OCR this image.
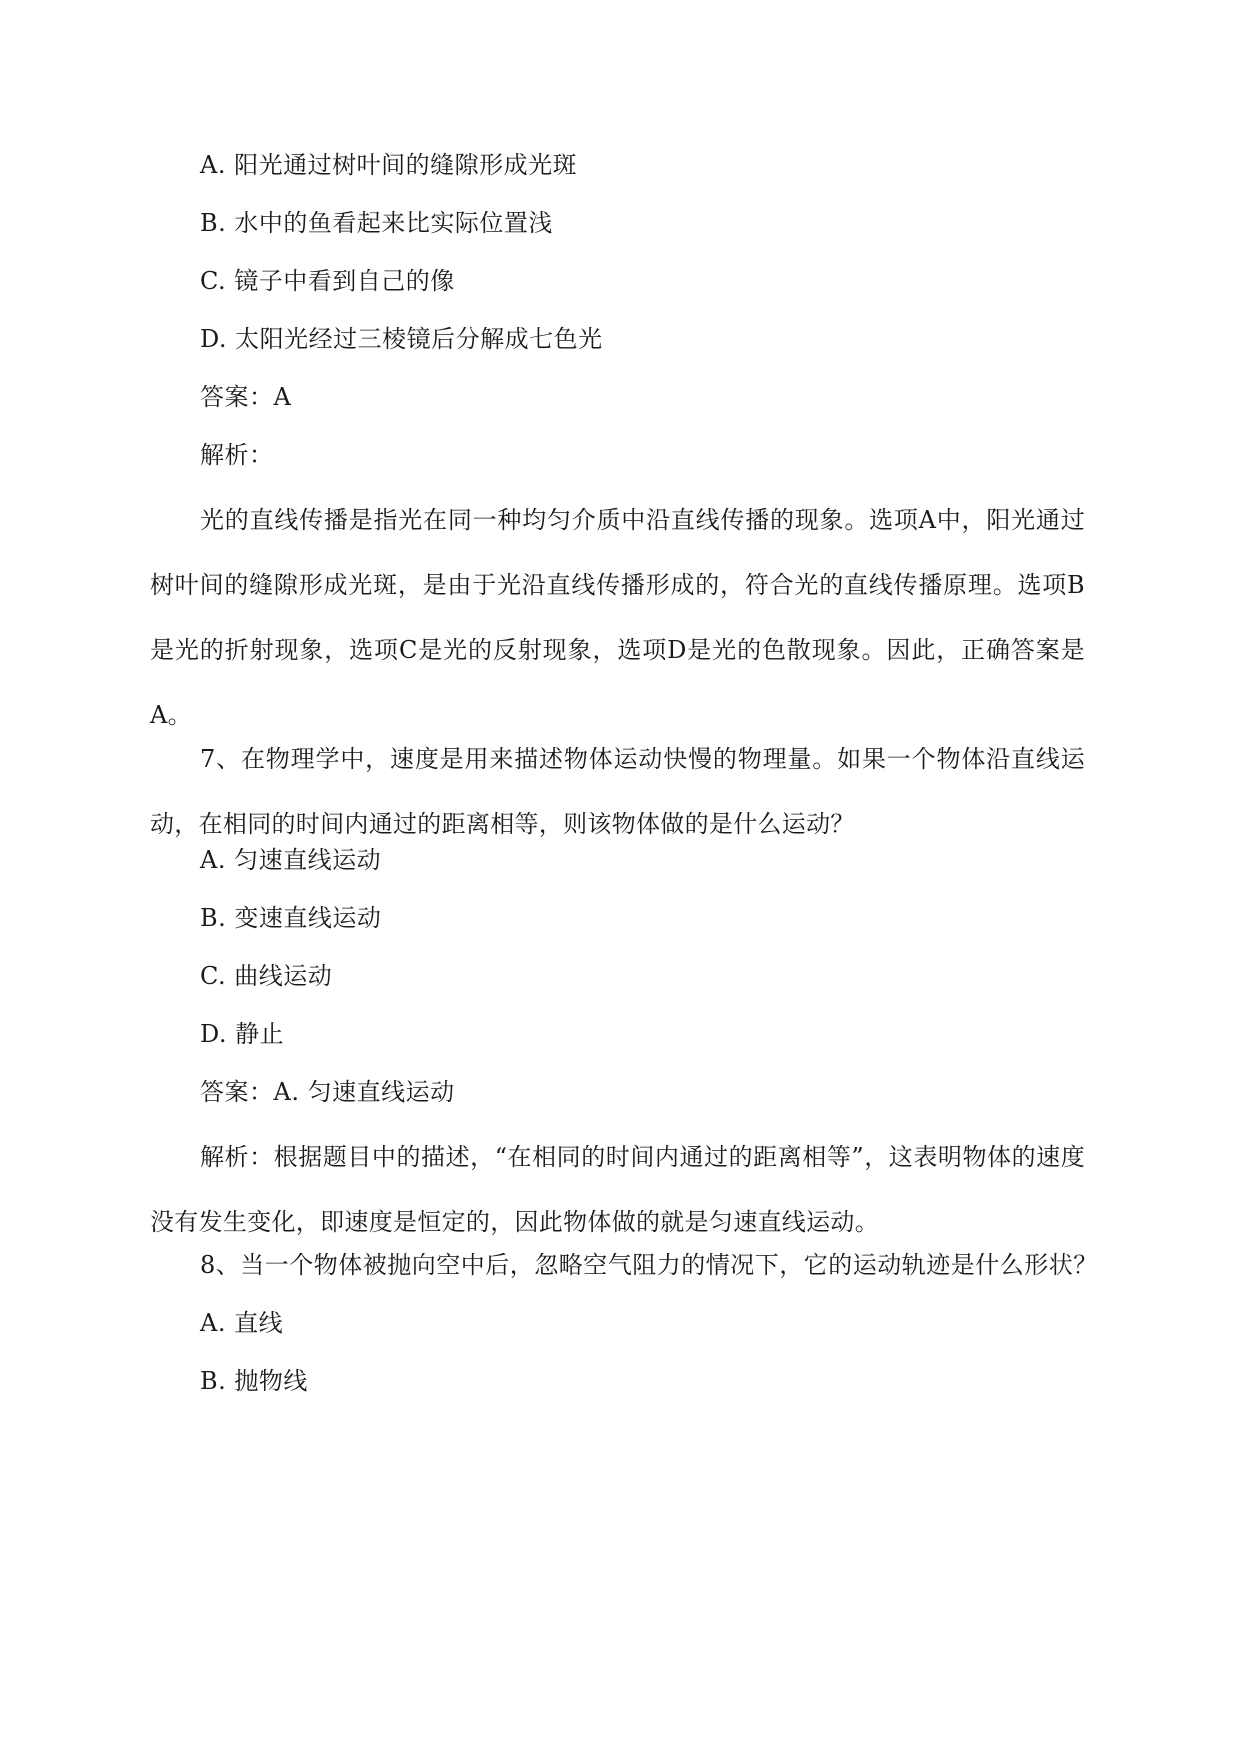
A. 阳光通过树叶间的缝隙形成光斑
B. 水中的鱼看起来比实际位置浅
C. 镜子中看到自己的像
D. 太阳光经过三棱镜后分解成七色光
答案：A
解析：
光的直线传播是指光在同一种均匀介质中沿直线传播的现象。选项A中，阳光通过树叶间的缝隙形成光斑，是由于光沿直线传播形成的，符合光的直线传播原理。选项B是光的折射现象，选项C是光的反射现象，选项D是光的色散现象。因此，正确答案是A。
7、在物理学中，速度是用来描述物体运动快慢的物理量。如果一个物体沿直线运动，在相同的时间内通过的距离相等，则该物体做的是什么运动？
A. 匀速直线运动
B. 变速直线运动
C. 曲线运动
D. 静止
答案：A. 匀速直线运动
解析：根据题目中的描述，“在相同的时间内通过的距离相等”，这表明物体的速度没有发生变化，即速度是恒定的，因此物体做的就是匀速直线运动。
8、当一个物体被抛向空中后，忽略空气阻力的情况下，它的运动轨迹是什么形状？
A. 直线
B. 抛物线
